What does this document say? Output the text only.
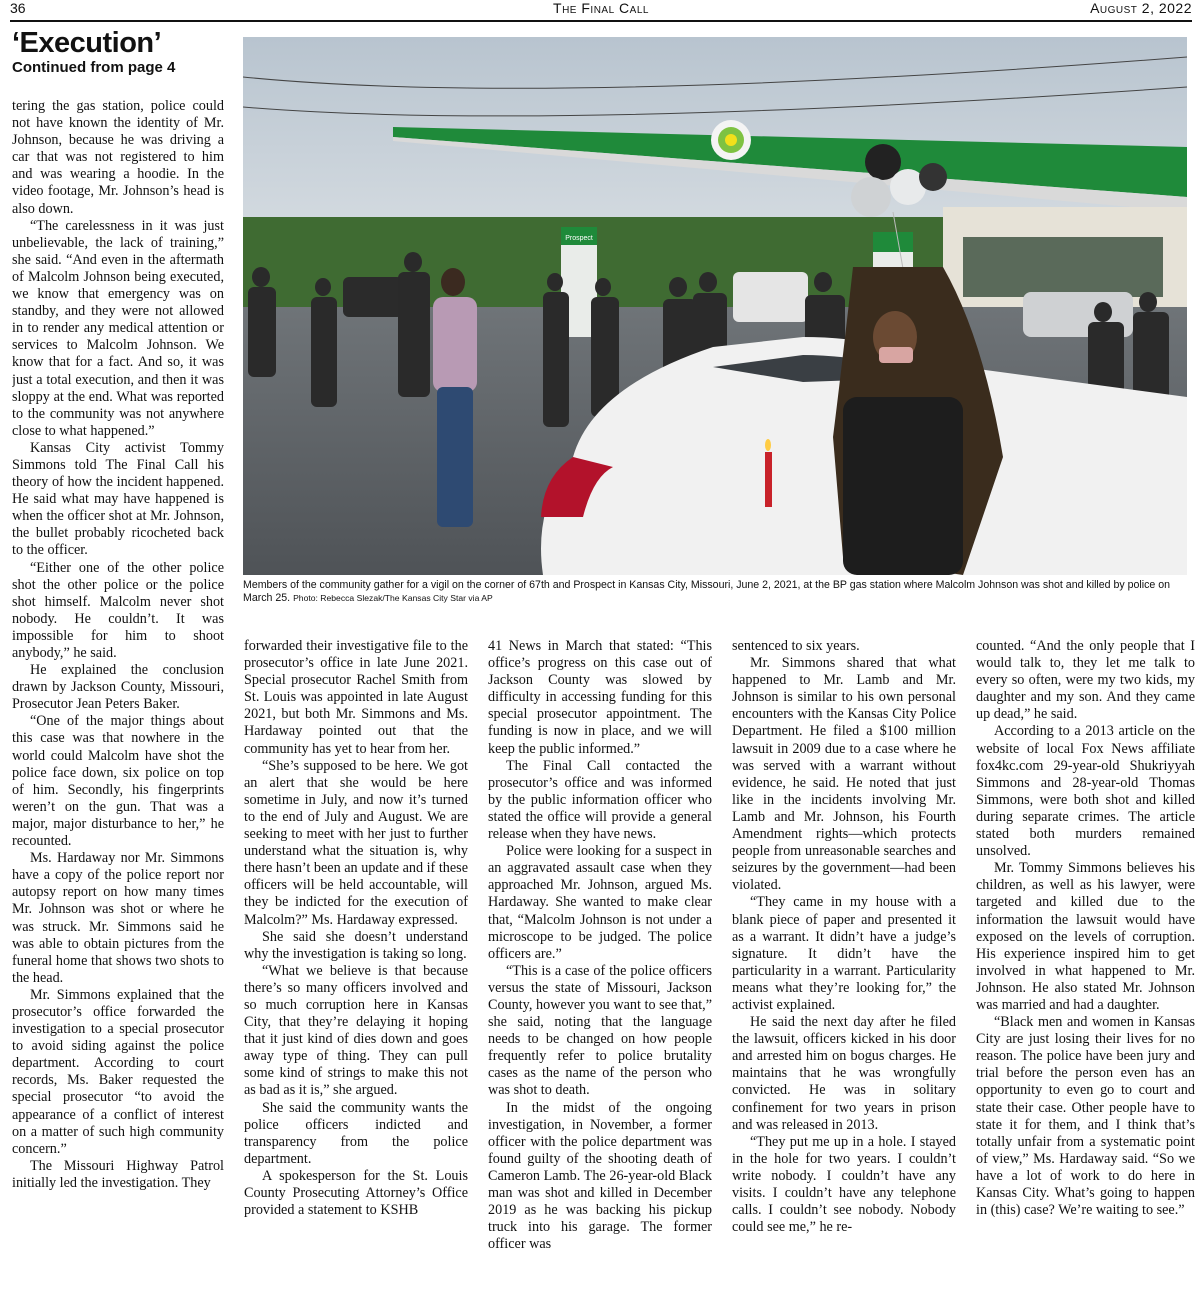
36	The Final Call	August 2, 2022
‘Execution’
Continued from page 4
Prospect
Members of the community gather for a vigil on the corner of 67th and Prospect in Kansas City, Missouri, June 2, 2021, at the BP gas station where Malcolm Johnson was shot and killed by police on March 25. Photo: Rebecca Slezak/The Kansas City Star via AP

tering the gas station, police could not have known the identity of Mr. Johnson, because he was driving a car that was not registered to him and was wearing a hoodie. In the video footage, Mr. Johnson’s head is also down.

“The carelessness in it was just unbelievable, the lack of training,” she said. “And even in the aftermath of Malcolm Johnson being executed, we know that emergency was on standby, and they were not allowed in to render any medical attention or services to Malcolm Johnson. We know that for a fact. And so, it was just a total execution, and then it was sloppy at the end. What was reported to the community was not anywhere close to what happened.”

Kansas City activist Tommy Simmons told The Final Call his theory of how the incident happened. He said what may have happened is when the officer shot at Mr. Johnson, the bullet probably ricocheted back to the officer.

“Either one of the other police shot the other police or the police shot himself. Malcolm never shot nobody. He couldn’t. It was impossible for him to shoot anybody,” he said.

He explained the conclusion drawn by Jackson County, Missouri, Prosecutor Jean Peters Baker.

“One of the major things about this case was that nowhere in the world could Malcolm have shot the police face down, six police on top of him. Secondly, his fingerprints weren’t on the gun. That was a major, major disturbance to her,” he recounted.

Ms. Hardaway nor Mr. Simmons have a copy of the police report nor autopsy report on how many times Mr. Johnson was shot or where he was struck. Mr. Simmons said he was able to obtain pictures from the funeral home that shows two shots to the head.

Mr. Simmons explained that the prosecutor’s office forwarded the investigation to a special prosecutor to avoid siding against the police department. According to court records, Ms. Baker requested the special prosecutor “to avoid the appearance of a conflict of interest on a matter of such high community concern.”

The Missouri Highway Patrol initially led the investigation. They

forwarded their investigative file to the prosecutor’s office in late June 2021. Special prosecutor Rachel Smith from St. Louis was appointed in late August 2021, but both Mr. Simmons and Ms. Hardaway pointed out that the community has yet to hear from her.

“She’s supposed to be here. We got an alert that she would be here sometime in July, and now it’s turned to the end of July and August. We are seeking to meet with her just to further understand what the situation is, why there hasn’t been an update and if these officers will be held accountable, will they be indicted for the execution of Malcolm?” Ms. Hardaway expressed.

She said she doesn’t understand why the investigation is taking so long.

“What we believe is that because there’s so many officers involved and so much corruption here in Kansas City, that they’re delaying it hoping that it just kind of dies down and goes away type of thing. They can pull some kind of strings to make this not as bad as it is,” she argued.

She said the community wants the police officers indicted and transparency from the police department.

A spokesperson for the St. Louis County Prosecuting Attorney’s Office provided a statement to KSHB

41 News in March that stated: “This office’s progress on this case out of Jackson County was slowed by difficulty in accessing funding for this special prosecutor appointment. The funding is now in place, and we will keep the public informed.”

The Final Call contacted the prosecutor’s office and was informed by the public information officer who stated the office will provide a general release when they have news.

Police were looking for a suspect in an aggravated assault case when they approached Mr. Johnson, argued Ms. Hardaway. She wanted to make clear that, “Malcolm Johnson is not under a microscope to be judged. The police officers are.”

“This is a case of the police officers versus the state of Missouri, Jackson County, however you want to see that,” she said, noting that the language needs to be changed on how people frequently refer to police brutality cases as the name of the person who was shot to death.

In the midst of the ongoing investigation, in November, a former officer with the police department was found guilty of the shooting death of Cameron Lamb. The 26-year-old Black man was shot and killed in December 2019 as he was backing his pickup truck into his garage. The former officer was

sentenced to six years.

Mr. Simmons shared that what happened to Mr. Lamb and Mr. Johnson is similar to his own personal encounters with the Kansas City Police Department. He filed a $100 million lawsuit in 2009 due to a case where he was served with a warrant without evidence, he said. He noted that just like in the incidents involving Mr. Lamb and Mr. Johnson, his Fourth Amendment rights—which protects people from unreasonable searches and seizures by the government—had been violated.

“They came in my house with a blank piece of paper and presented it as a warrant. It didn’t have a judge’s signature. It didn’t have the particularity in a warrant. Particularity means what they’re looking for,” the activist explained.

He said the next day after he filed the lawsuit, officers kicked in his door and arrested him on bogus charges. He maintains that he was wrongfully convicted. He was in solitary confinement for two years in prison and was released in 2013.

“They put me up in a hole. I stayed in the hole for two years. I couldn’t write nobody. I couldn’t have any visits. I couldn’t have any telephone calls. I couldn’t see nobody. Nobody could see me,” he re-

counted. “And the only people that I would talk to, they let me talk to every so often, were my two kids, my daughter and my son. And they came up dead,” he said.

According to a 2013 article on the website of local Fox News affiliate fox4kc.com 29-year-old Shukriyyah Simmons and 28-year-old Thomas Simmons, were both shot and killed during separate crimes. The article stated both murders remained unsolved.

Mr. Tommy Simmons believes his children, as well as his lawyer, were targeted and killed due to the information the lawsuit would have exposed on the levels of corruption. His experience inspired him to get involved in what happened to Mr. Johnson. He also stated Mr. Johnson was married and had a daughter.

“Black men and women in Kansas City are just losing their lives for no reason. The police have been jury and trial before the person even has an opportunity to even go to court and state their case. Other people have to state it for them, and I think that’s totally unfair from a systematic point of view,” Ms. Hardaway said. “So we have a lot of work to do here in Kansas City. What’s going to happen in (this) case? We’re waiting to see.”
